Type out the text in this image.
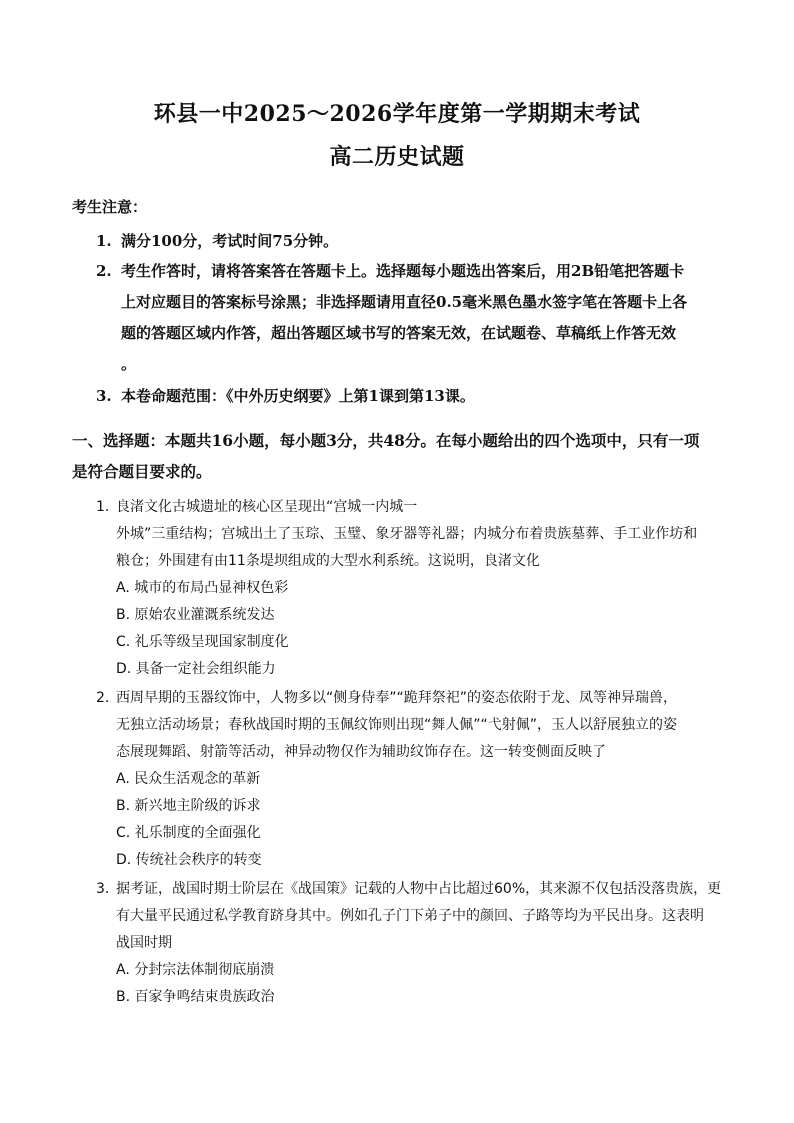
环县一中2025～2026学年度第一学期期末考试
高二历史试题
考生注意：
1. 满分100分，考试时间75分钟。
2. 考生作答时，请将答案答在答题卡上。选择题每小题选出答案后，用2B铅笔把答题卡
上对应题目的答案标号涂黑；非选择题请用直径0.5毫米黑色墨水签字笔在答题卡上各
题的答题区域内作答，超出答题区域书写的答案无效，在试题卷、草稿纸上作答无效
。
3. 本卷命题范围：《中外历史纲要》上第1课到第13课。
一、选择题：本题共16小题，每小题3分，共48分。在每小题给出的四个选项中，只有一项
是符合题目要求的。
1. 良渚文化古城遗址的核心区呈现出“宫城一内城一
外城”三重结构；宫城出土了玉琮、玉璧、象牙器等礼器；内城分布着贵族墓葬、手工业作坊和
粮仓；外围建有由11条堤坝组成的大型水利系统。这说明，良渚文化
A. 城市的布局凸显神权色彩
B. 原始农业灌溉系统发达
C. 礼乐等级呈现国家制度化
D. 具备一定社会组织能力
2. 西周早期的玉器纹饰中，人物多以“侧身侍奉”“跪拜祭祀”的姿态依附于龙、凤等神异瑞兽，
无独立活动场景；春秋战国时期的玉佩纹饰则出现“舞人佩”“弋射佩”，玉人以舒展独立的姿
态展现舞蹈、射箭等活动，神异动物仅作为辅助纹饰存在。这一转变侧面反映了
A. 民众生活观念的革新
B. 新兴地主阶级的诉求
C. 礼乐制度的全面强化
D. 传统社会秩序的转变
3. 据考证，战国时期士阶层在《战国策》记载的人物中占比超过60%，其来源不仅包括没落贵族，更
有大量平民通过私学教育跻身其中。例如孔子门下弟子中的颜回、子路等均为平民出身。这表明
战国时期
A. 分封宗法体制彻底崩溃
B. 百家争鸣结束贵族政治
